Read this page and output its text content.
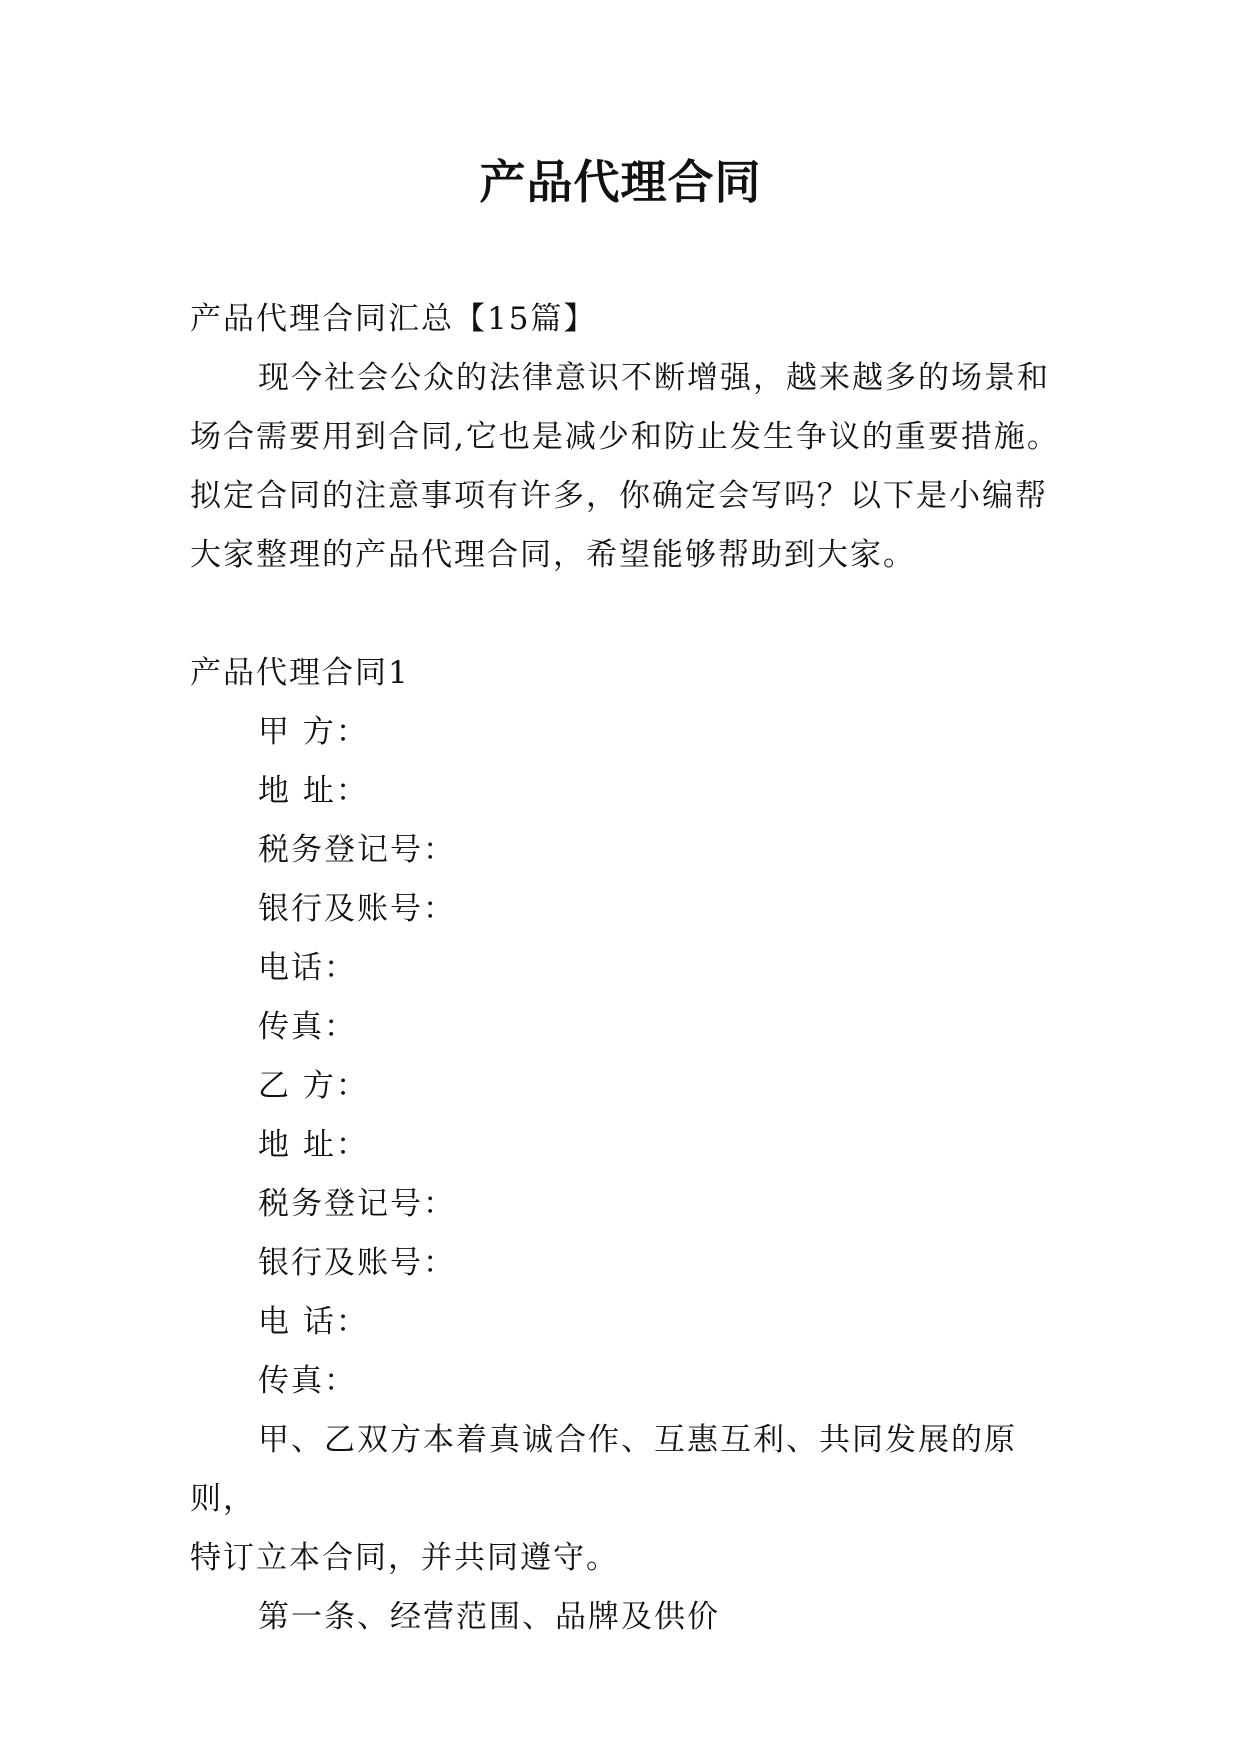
产品代理合同

产品代理合同汇总【15篇】

现今社会公众的法律意识不断增强，越来越多的场景和

场合需要用到合同,它也是减少和防止发生争议的重要措施。

拟定合同的注意事项有许多，你确定会写吗？以下是小编帮

大家整理的产品代理合同，希望能够帮助到大家。

产品代理合同1

甲 方：

地 址：

税务登记号：

银行及账号：

电话：

传真：

乙 方：

地 址：

税务登记号：

银行及账号：

电 话：

传真：

甲、乙双方本着真诚合作、互惠互利、共同发展的原则，

特订立本合同，并共同遵守。

第一条、经营范围、品牌及供价
